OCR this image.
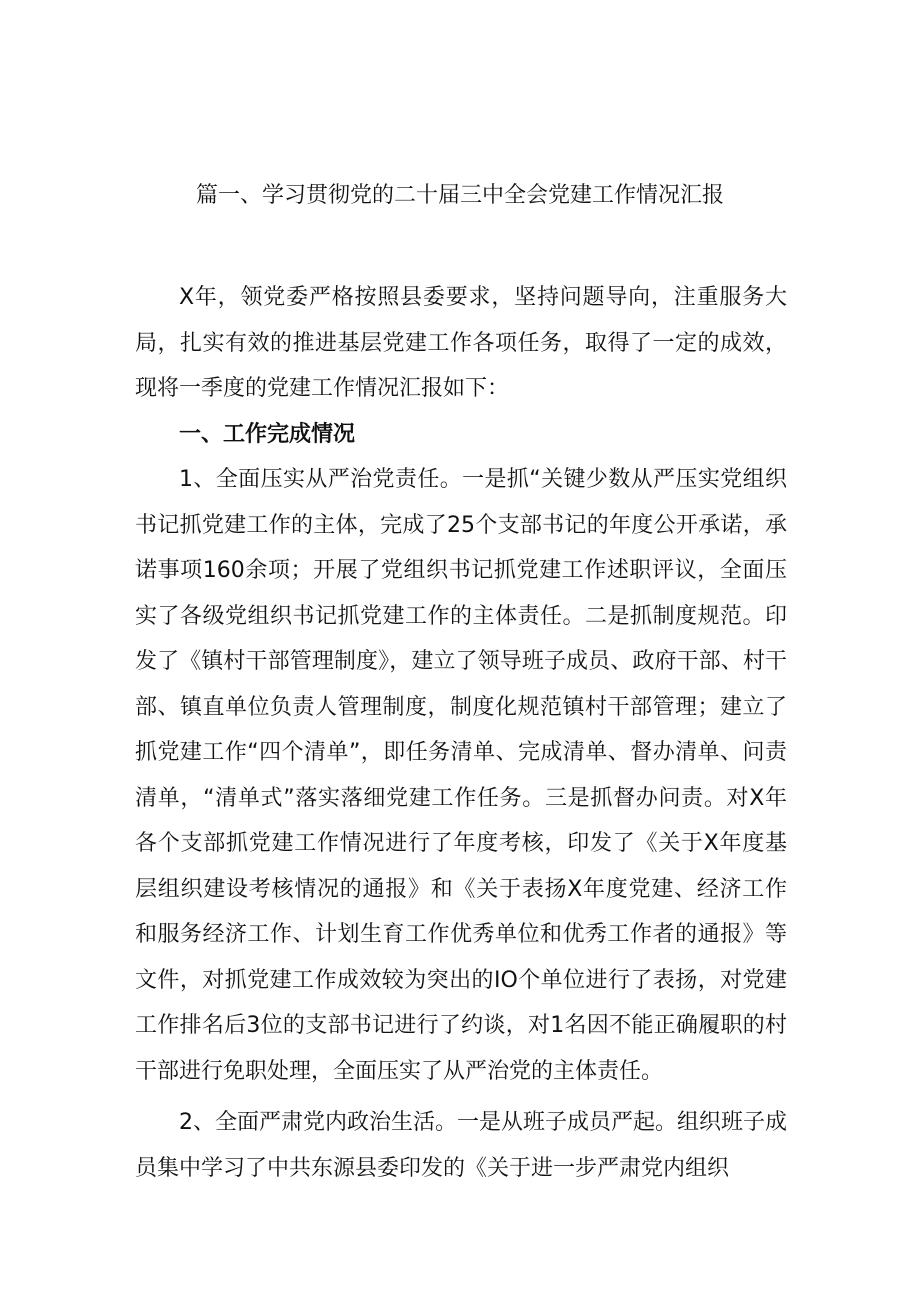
篇一、学习贯彻党的二十届三中全会党建工作情况汇报

X年，领党委严格按照县委要求，坚持问题导向，注重服务大局，扎实有效的推进基层党建工作各项任务，取得了一定的成效，现将一季度的党建工作情况汇报如下：

一、工作完成情况

1、全面压实从严治党责任。一是抓“关键少数从严压实党组织书记抓党建工作的主体，完成了25个支部书记的年度公开承诺，承诺事项160余项；开展了党组织书记抓党建工作述职评议，全面压实了各级党组织书记抓党建工作的主体责任。二是抓制度规范。印发了《镇村干部管理制度》，建立了领导班子成员、政府干部、村干部、镇直单位负责人管理制度，制度化规范镇村干部管理；建立了抓党建工作“四个清单”，即任务清单、完成清单、督办清单、问责清单，“清单式”落实落细党建工作任务。三是抓督办问责。对X年各个支部抓党建工作情况进行了年度考核，印发了《关于X年度基层组织建设考核情况的通报》和《关于表扬X年度党建、经济工作和服务经济工作、计划生育工作优秀单位和优秀工作者的通报》等文件，对抓党建工作成效较为突出的IO个单位进行了表扬，对党建工作排名后3位的支部书记进行了约谈，对1名因不能正确履职的村干部进行免职处理，全面压实了从严治党的主体责任。

2、全面严肃党内政治生活。一是从班子成员严起。组织班子成员集中学习了中共东源县委印发的《关于进一步严肃党内组织
